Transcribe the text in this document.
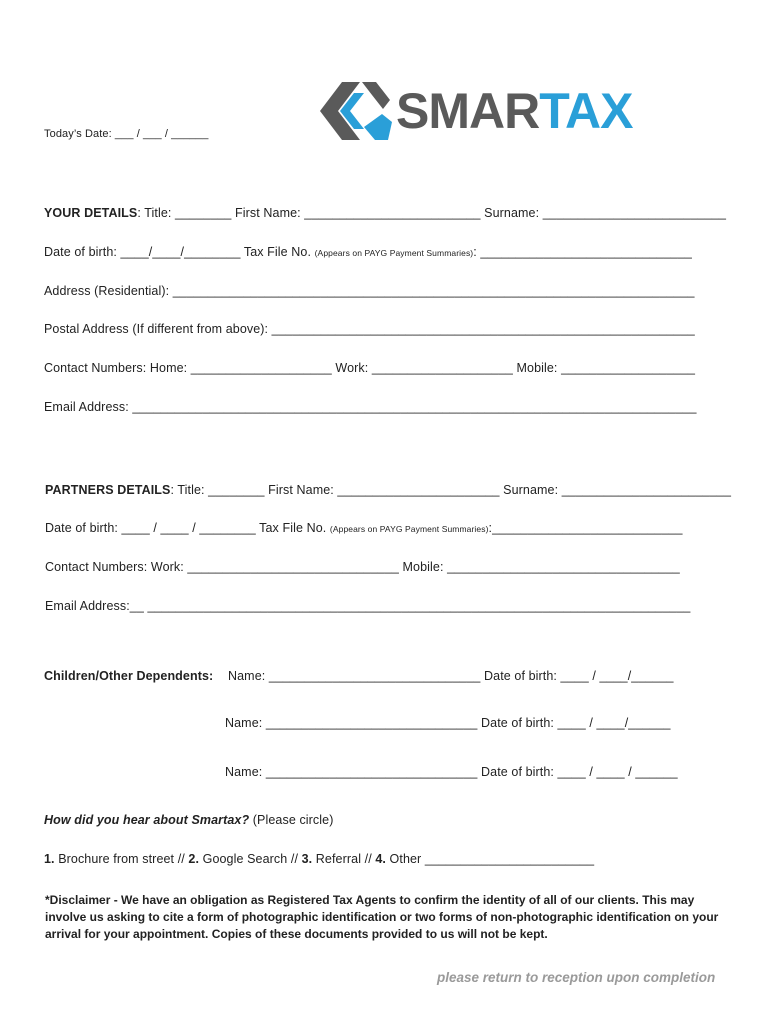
SMARTAX
Today’s Date: ___ / ___ / ______
YOUR DETAILS: Title: ________ First Name: _________________________ Surname: __________________________
Date of birth: ____/____/________ Tax File No. (Appears on PAYG Payment Summaries): ______________________________
Address (Residential): __________________________________________________________________________
Postal Address (If different from above): ____________________________________________________________
Contact Numbers: Home: ____________________ Work: ____________________ Mobile: ___________________
Email Address: ________________________________________________________________________________
PARTNERS DETAILS: Title: ________ First Name: _______________________ Surname: ________________________
Date of birth: ____ / ____ / ________ Tax File No. (Appears on PAYG Payment Summaries):___________________________
Contact Numbers: Work: ______________________________ Mobile: _________________________________
Email Address:__ _____________________________________________________________________________
Children/Other Dependents: Name: ______________________________ Date of birth: ____ / ____/______
Name: ______________________________ Date of birth: ____ / ____/______
Name: ______________________________ Date of birth: ____ / ____ / ______
How did you hear about Smartax? (Please circle)
1. Brochure from street // 2. Google Search // 3. Referral // 4. Other ________________________
*Disclaimer - We have an obligation as Registered Tax Agents to confirm the identity of all of our clients. This may involve us asking to cite a form of photographic identification or two forms of non-photographic identification on your arrival for your appointment. Copies of these documents provided to us will not be kept.
please return to reception upon completion
